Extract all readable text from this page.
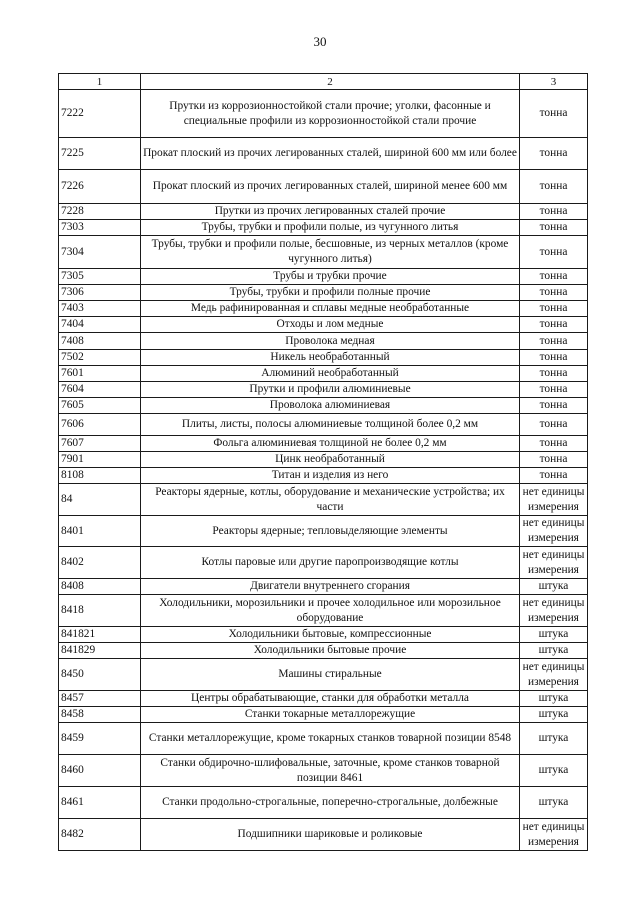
30
1	2	3
7222	Прутки из коррозионностойкой стали прочие; уголки, фасонные и специальные профили из коррозионностойкой стали прочие	тонна
7225	Прокат плоский из прочих легированных сталей, шириной 600 мм или более	тонна
7226	Прокат плоский из прочих легированных сталей, шириной менее 600 мм	тонна
7228	Прутки из прочих легированных сталей прочие	тонна
7303	Трубы, трубки и профили полые, из чугунного литья	тонна
7304	Трубы, трубки и профили полые, бесшовные, из черных металлов (кроме чугунного литья)	тонна
7305	Трубы и трубки прочие	тонна
7306	Трубы, трубки и профили полные прочие	тонна
7403	Медь рафинированная и сплавы медные необработанные	тонна
7404	Отходы и лом медные	тонна
7408	Проволока медная	тонна
7502	Никель необработанный	тонна
7601	Алюминий необработанный	тонна
7604	Прутки и профили алюминиевые	тонна
7605	Проволока алюминиевая	тонна
7606	Плиты, листы, полосы алюминиевые толщиной более 0,2 мм	тонна
7607	Фольга алюминиевая толщиной не более 0,2 мм	тонна
7901	Цинк необработанный	тонна
8108	Титан и изделия из него	тонна
84	Реакторы ядерные, котлы, оборудование и механические устройства; их части	нет единицы измерения
8401	Реакторы ядерные; тепловыделяющие элементы	нет единицы измерения
8402	Котлы паровые или другие паропроизводящие котлы	нет единицы измерения
8408	Двигатели внутреннего сгорания	штука
8418	Холодильники, морозильники и прочее холодильное или морозильное оборудование	нет единицы измерения
841821	Холодильники бытовые, компрессионные	штука
841829	Холодильники бытовые прочие	штука
8450	Машины стиральные	нет единицы измерения
8457	Центры обрабатывающие, станки для обработки металла	штука
8458	Станки токарные металлорежущие	штука
8459	Станки металлорежущие, кроме токарных станков товарной позиции 8548	штука
8460	Станки обдирочно-шлифовальные, заточные, кроме станков товарной позиции 8461	штука
8461	Станки продольно-строгальные, поперечно-строгальные, долбежные	штука
8482	Подшипники шариковые и роликовые	нет единицы измерения
